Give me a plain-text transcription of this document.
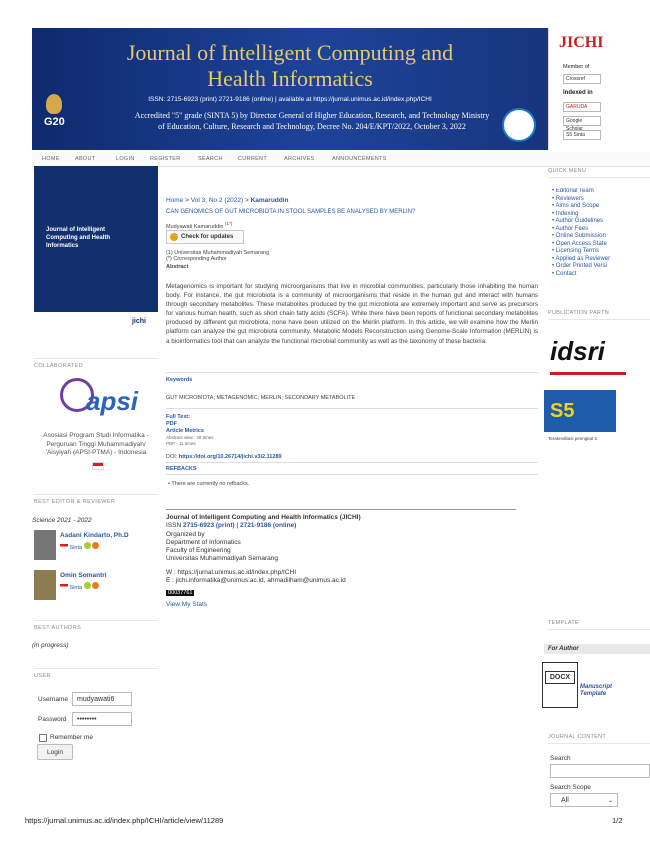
Journal of Intelligent Computing and
Health Informatics
ISSN: 2715-6923 (print) 2721-9186 (online) | available at https://jurnal.unimus.ac.id/index.php/ICHI
Accredited "5" grade (SINTA 5) by Director General of Higher Education, Research, and Technology Ministry
of Education, Culture, Research and Technology, Decree No. 204/E/KPT/2022, October 3, 2022
G20
JICHI
Member of
Crossref
Indexed in
GARUDA
Google Scholar
S5 Sinta
HOME	ABOUT	LOGIN	REGISTER	SEARCH	CURRENT	ARCHIVES	ANNOUNCEMENTS
Journal of Intelligent Computing and Health Informatics
jichi
COLLABORATED
apsi
Asosiasi Program Studi Informatika - Perguruan Tinggi Muhammadiyah/ 'Aisyiyah (APSI-PTMA) - Indonesia
BEST EDITOR & REVIEWER
Science 2021 - 2022
Asdani Kindarto, Ph.D
Sinta
Omin Somantri
Sinta
BEST AUTHORS
(in progress)
USER
Username	mudyawati6
Password	••••••••
Remember me
Login
Home > Vol 3, No 2 (2022) > Kamaruddin
CAN GENOMICS OF GUT MICROBIOTA IN STOOL SAMPLES BE ANALYSED BY MERLIN?
Mudyawati Kamaruddin $^{(1*)}$
Check for updates
(1) Universitas Muhammadiyah Semarang
(*) Corresponding Author
Abstract
Metagenomics is important for studying microorganisms that live in microbial communities, particularly those inhabiting the human body. For instance, the gut microbiota is a community of microorganisms that reside in the human gut and interact with humans through secondary metabolites. These metabolites produced by the gut microbiota are extremely important and serve as precursors for various human health, such as short chain fatty acids (SCFA). While there have been reports of functional secondary metabolites produced by different gut microbiota, none have been utilized on the Merlin platform. In this article, we will examine how the Merlin platform can analyze the gut microbiota community. Metabolic Models Reconstruction using Genome-Scale Information (MERLIN) is a bioinformatics tool that can analyze the functional microbial community as well as the taxonomy of these bacteria.
Keywords
GUT MICROBIOTA; METAGENOMIC; MERLIN; SECONDARY METABOLITE
Full Text:
PDF
Article Metrics
Abstract view : 48 times
PDF - 11 times
DOI: https://doi.org/10.26714/jichi.v3i2.11289
REFBACKS
• There are currently no refbacks.
Journal of Intelligent Computing and Health Informatics (JICHI)
ISSN 2715-6923 (print) | 2721-9186 (online)
Organized by
Department of Informatics
Faculty of Engineering
Universitas Muhammadiyah Semarang
W : https://jurnal.unimus.ac.id/index.php/ICHI
E : jichi.informatika@unimus.ac.id, ahmadilham@unimus.ac.id
00037761
View My Stats
QUICK MENU
• Editorial Team
• Reviewers
• Aims and Scope
• Indexing
• Author Guidelines
• Author Fees
• Online Submission
• Open Access State
• Licensing Terms
• Applied as Reviewer
• Order Printed Versi
• Contact
PUBLICATION PARTN
idsri
S5
Terakreditasi peringkat 5
TEMPLATE
For Author
DOCX
Manuscript Template
JOURNAL CONTENT
Search
Search Scope
All	⌄
https://jurnal.unimus.ac.id/index.php/ICHI/article/view/11289	1/2
